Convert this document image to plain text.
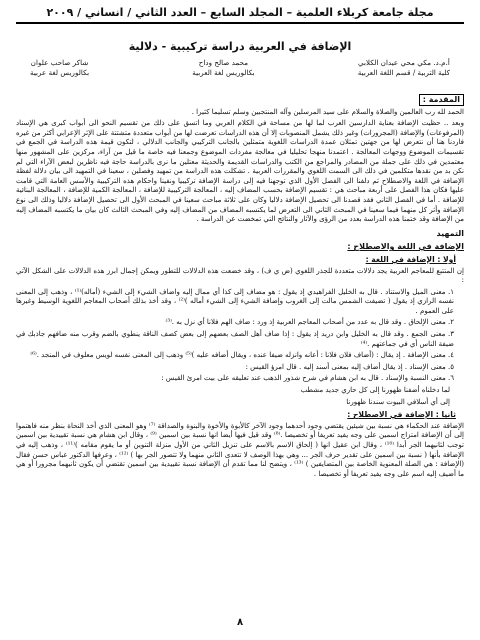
مجلة جامعة كربلاء العلمية – المجلد السابع – العدد الثاني / انساني / ٢٠٠٩
الإضافة في العربية دراسة تركيبية - دلالية
أ.م.د. مكي محي عيدان الكلابي
كلية التربية / قسم اللغة العربية
محمد صالح وداح
بكالوريس لغة العربية
شاكر صاحب علوان
بكالوريس لغة عربية
المقدمة :

الحمد لله رب العالمين والصلاة والسلام على سيد المرسلين وآله المنتجبين وسلم تسليما كثيرا .

وبعد .. حظيت الإضافة بعناية الدارسين العرب لما لها من مساحة في الكلام العربي وما اتسق على ذلك من تقسيم النحو الى أبواب كبرى هي الإسناد (المرفوعات) والإضافة (المجرورات) وغير ذلك يشمل المنصوبات إلا أن هذه الدراسات تعرضت لها من أبواب متعددة متشتتة على الإثر الإعرابي أكثر من غيره فاردنا هنا أن نتعرض لها من جهتين تمثلان عمدة الدراسات اللغوية متمثلين بالجانب التركيبي والجانب الدلالي ، لتكون قيمة هذه الدراسة في الجمع في تقسيمات الموضوع ووجهات المعالجة . اعتمدنا منهجا تحليليا في معالجة مفردات الموضوع وجمعنا فيه خاصة ما قيل من آراء، مركزين على المشهور منها معتمدين في ذلك على جملة من المصادر والمراجع من الكتب والدراسات القديمة والحديثة معتلين ما نرى بالدراسة حاجة فيه ناظرين لبعض الآراء التي لم نكن بد من نقدها متكلمين في ذلك الى السمت اللغوي والمقررات العربية . تشكلت هذه الدراسة من تمهيد وفصلين ، سعينا في التمهيد الى بيان دلالة لفظة الإضافة في اللغة والاصطلاح ثم دلفنا الى الفصل الأول الذي توجهنا فيه إلى دراسة الإضافة تركيبيا ونفينا واحكام هذه التركيبية والأسس العامة التي قامت عليها فكان هذا الفصل على أربعة مباحث هي : تقسيم الإضافة بحسب المضاف إليه ، المعالجة التركيبية للإضافة ، المعالجة الكمية للإضافة ، المعالجة البنائية للإضافة . أما في الفصل الثاني فقد قصدنا الى تحصيل الإضافة دلاليا وكان على ثلاثة مباحث سعينا في المبحث الأول الى تحصيل الإضافة دلاليا وذلك الى نوع الإضافة وأثر كل منهما فيما سعينا في المبحث الثاني الى التعرض لما يكتسبه المضاف من المضاف إليه وفي المبحث الثالث كان بيان ما يكتسبه المضاف إليه من الإضافة وقد ختمنا هذه الدراسة بعدد من الرؤى والآثار والنتائج التي تمخضت عن الدراسة .

التمهيد
الإضافة في اللغة والاصطلاح :
أولا : الإضافة في اللغة :

إن المتتبع للمعاجم العربية يجد دلالات متعددة للجذر اللغوي (ض ي ف) ، وقد خضعت هذه الدلالات للتطور ويمكن إجمال ابرز هذه الدلالات على الشكل الآتي :

١. معنى الميل والاستناد . قال به الخليل الفراهيدي إذ يقول : هو مضاف إلى كذا أي ممال إليه واضاف الشيء إلى الشيء (أماله)⁽¹⁾ ، وذهب إلى المعنى نفسه الرازي إذ يقول ( تضيفت الشمس مالت إلى الغروب وإضافة الشيء إلى الشيء أماله )⁽²⁾ ، وقد أخذ بذلك أصحاب المعاجم اللغوية الوسيط وغيرها على العموم .

٢. معنى الإلحاق . وقد قال به عدد من أصحاب المعاجم العربية إذ ورد : ضاف الهم فلانا أي نزل به .⁽³⁾

٣. معنى الجمع . وقد قال به الخليل وابن دريد إذ يقول : إذا ضاف أهل الصف بعضهم إلى بعض كصف الناقة ينطوي بالضم وقرب منه ضافهم جاذبك في ضيفة الناس أي في جماعتهم .⁽⁴⁾

٤. معنى الإضافة . إذ يقال : (أضاف فلان فلانا : أعانه وانزله ضيفا عنده ، ويقال أضافه عليه )⁽⁵⁾ وذهب إلى المعنى نفسه لويس معلوف في المنجد .⁽⁶⁾

٥. معنى الإسناد . إذ يقال أضاف إليه بمعنى أسند إليه . قال امرؤ القيس :

٦. معنى النسبة والإسناد . قال به ابن هشام في شرح شذور الذهب عند تعليقه على بيت امرئ القيس :

لما دخلناه أضفنا ظهورنا إلى كل حاري جديد مشطب

إلى أي أسلافي البيوت سندنا ظهورنا

ثانيا : الإضافة في الاصطلاح :

الإضافة عند الحكماء هي نسبة بين شيئين يقتضي وجود أحدهما وجود الآخر كالأبوة والأخوة والبنوة والصداقة ⁽⁷⁾ وهو المعنى الذي أخذ النحاة بنظر منه فاهتموا إلى أن الإضافة امتزاج اسمين على وجه يفيد تعريفا أو تخصيصا .⁽⁸⁾ وقد قيل فيها أيضا انها نسبة بين اسمين ⁽⁹⁾ ، وقال ابن هشام هي نسبة تقييدية بين اسمين توجب لثانيهما الجر أبدا ⁽¹⁰⁾ ، وقال ابن عقيل انها ( إلحاق الاسم بالاسم على تنزيل الثاني من الأول منزلة التنوين أو ما يقوم مقامه )⁽¹¹⁾ ، وذهب إليه في الإضافة بأنها ( نسبة بين اسمين على تقدير حرف الجر ... وهي بهذا الوصف لا تتعدى الثاني منهما ولا تتصور الجر بها ) ⁽¹²⁾ ، وعرفها الدكتور عباس حسن فقال (الإضافة : هي الصلة المعنوية الخاصة بين المتضايفين ) ⁽¹³⁾ ، ويتضح لنا مما تقدم أن الإضافة نسبة تقييدية بين اسمين تقتضي أن يكون ثانيهما مجرورا أو هي ما أضيف إليه اسم على وجه يفيد تعريفا أو تخصيصا .

٨
